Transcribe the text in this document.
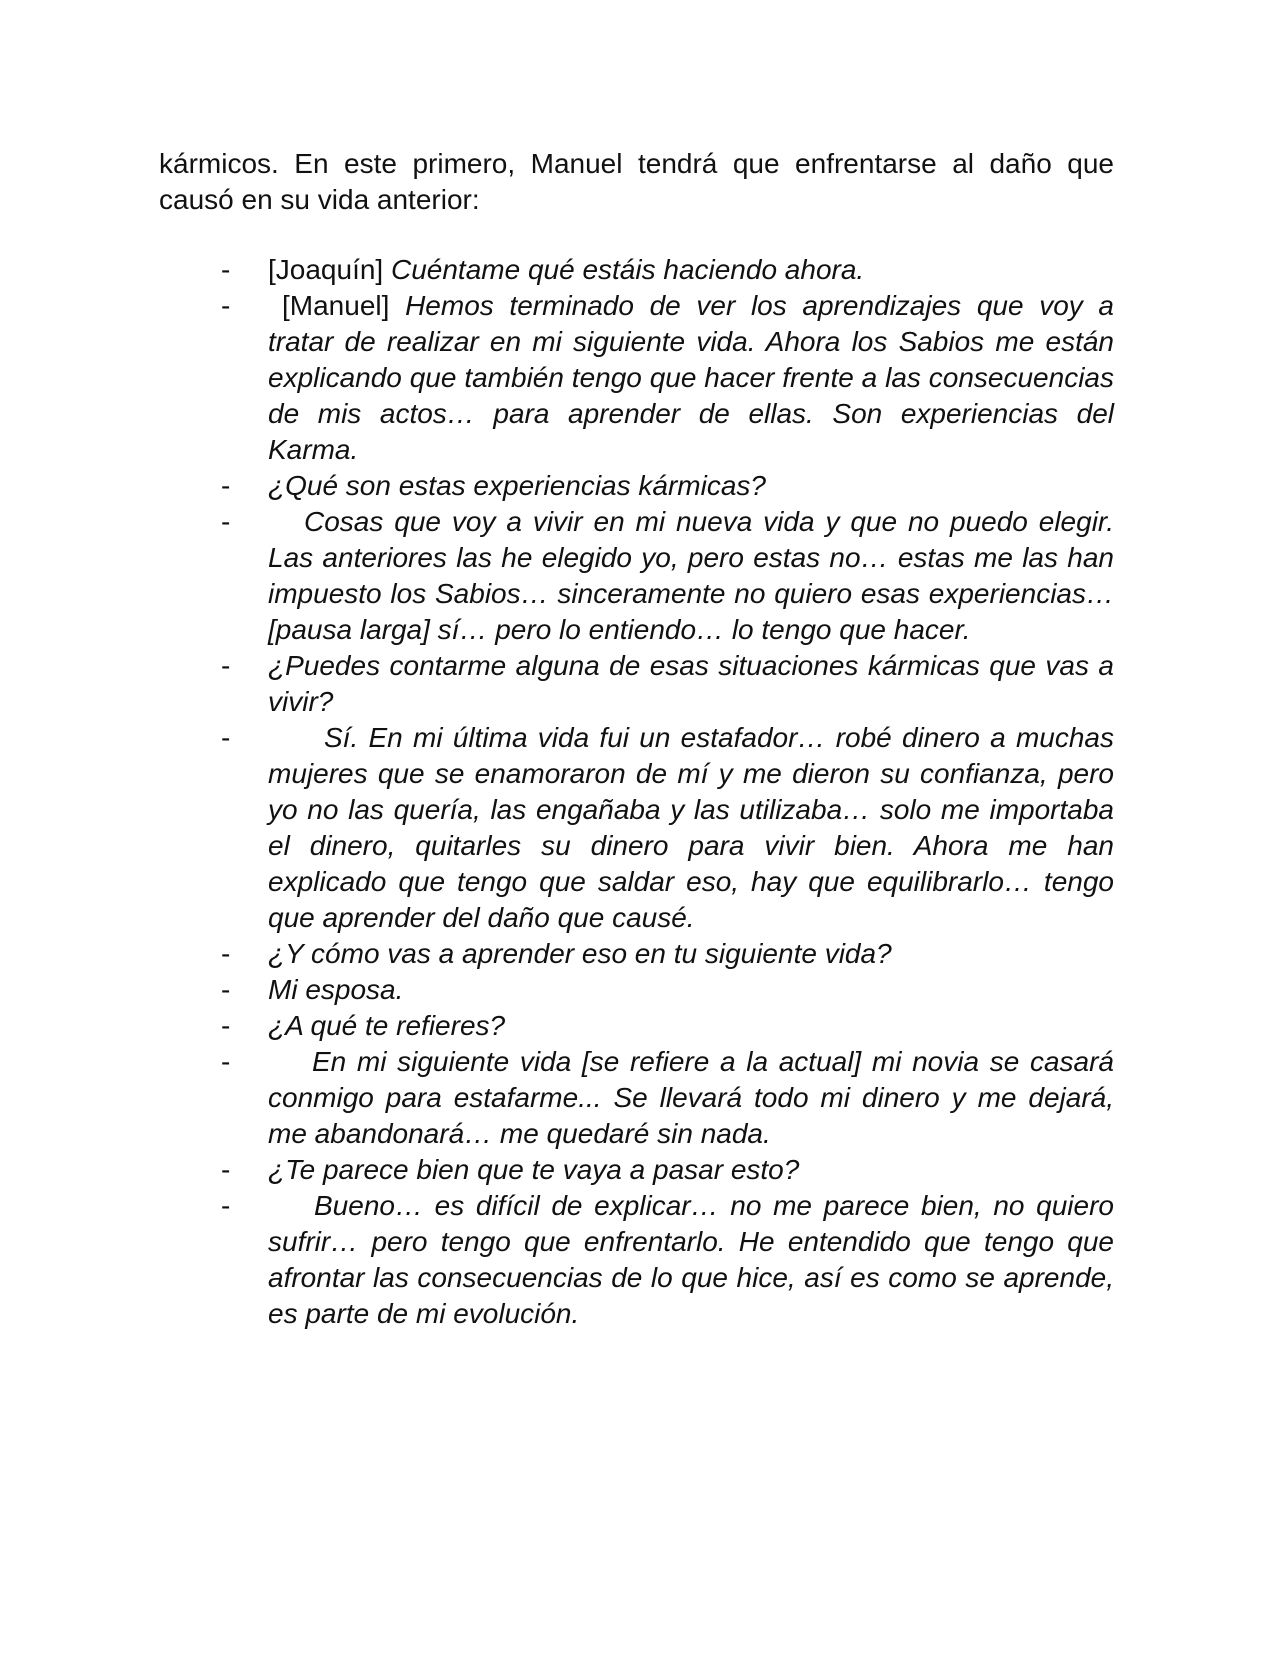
kármicos. En este primero, Manuel tendrá que enfrentarse al daño que causó en su vida anterior:

- [Joaquín] Cuéntame qué estáis haciendo ahora.
- [Manuel] Hemos terminado de ver los aprendizajes que voy a tratar de realizar en mi siguiente vida. Ahora los Sabios me están explicando que también tengo que hacer frente a las consecuencias de mis actos… para aprender de ellas. Son experiencias del Karma.
- ¿Qué son estas experiencias kármicas?
-	Cosas que voy a vivir en mi nueva vida y que no puedo elegir. Las anteriores las he elegido yo, pero estas no… estas me las han impuesto los Sabios… sinceramente no quiero esas experiencias… [pausa larga] sí… pero lo entiendo… lo tengo que hacer.
- ¿Puedes contarme alguna de esas situaciones kármicas que vas a vivir?
-	Sí. En mi última vida fui un estafador… robé dinero a muchas mujeres que se enamoraron de mí y me dieron su confianza, pero yo no las quería, las engañaba y las utilizaba… solo me importaba el dinero, quitarles su dinero para vivir bien. Ahora me han explicado que tengo que saldar eso, hay que equilibrarlo… tengo que aprender del daño que causé.
- ¿Y cómo vas a aprender eso en tu siguiente vida?
- Mi esposa.
- ¿A qué te refieres?
-	En mi siguiente vida [se refiere a la actual] mi novia se casará conmigo para estafarme... Se llevará todo mi dinero y me dejará, me abandonará… me quedaré sin nada.
- ¿Te parece bien que te vaya a pasar esto?
-	Bueno… es difícil de explicar… no me parece bien, no quiero sufrir… pero tengo que enfrentarlo. He entendido que tengo que afrontar las consecuencias de lo que hice, así es como se aprende, es parte de mi evolución.
